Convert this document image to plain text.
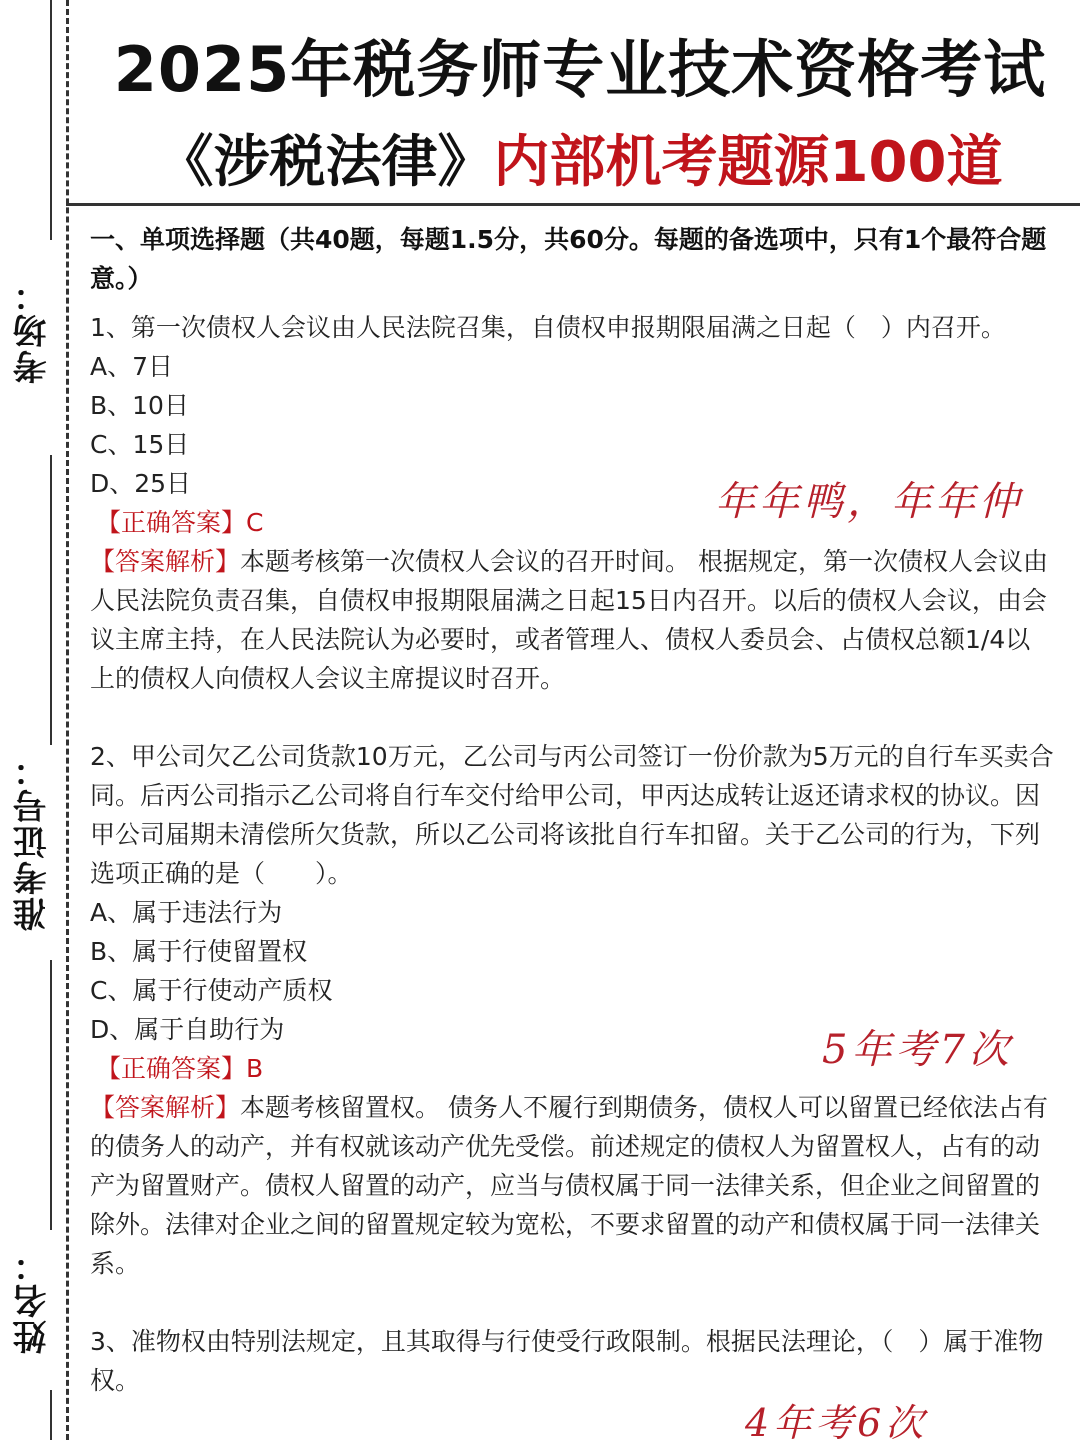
考场：
准考证号：
姓名：
2025年税务师专业技术资格考试
《涉税法律》内部机考题源100道

一、单项选择题（共40题，每题1.5分，共60分。每题的备选项中，只有1个最符合题意。）

1、第一次债权人会议由人民法院召集，自债权申报期限届满之日起（　）内召开。

A、7日

B、10日

C、15日

D、25日

【正确答案】C

【答案解析】本题考核第一次债权人会议的召开时间。 根据规定，第一次债权人会议由人民法院负责召集，自债权申报期限届满之日起15日内召开。以后的债权人会议，由会议主席主持，在人民法院认为必要时，或者管理人、债权人委员会、占债权总额1/4以上的债权人向债权人会议主席提议时召开。

2、甲公司欠乙公司货款10万元，乙公司与丙公司签订一份价款为5万元的自行车买卖合同。后丙公司指示乙公司将自行车交付给甲公司，甲丙达成转让返还请求权的协议。因甲公司届期未清偿所欠货款，所以乙公司将该批自行车扣留。关于乙公司的行为，下列选项正确的是（　　）。

A、属于违法行为

B、属于行使留置权

C、属于行使动产质权

D、属于自助行为

【正确答案】B

【答案解析】本题考核留置权。 债务人不履行到期债务，债权人可以留置已经依法占有的债务人的动产，并有权就该动产优先受偿。前述规定的债权人为留置权人，占有的动产为留置财产。债权人留置的动产，应当与债权属于同一法律关系，但企业之间留置的除外。法律对企业之间的留置规定较为宽松，不要求留置的动产和债权属于同一法律关系。

3、准物权由特别法规定，且其取得与行使受行政限制。根据民法理论，（　）属于准物权。

年年鸭，年年仲
5年考7次
4年考6次
